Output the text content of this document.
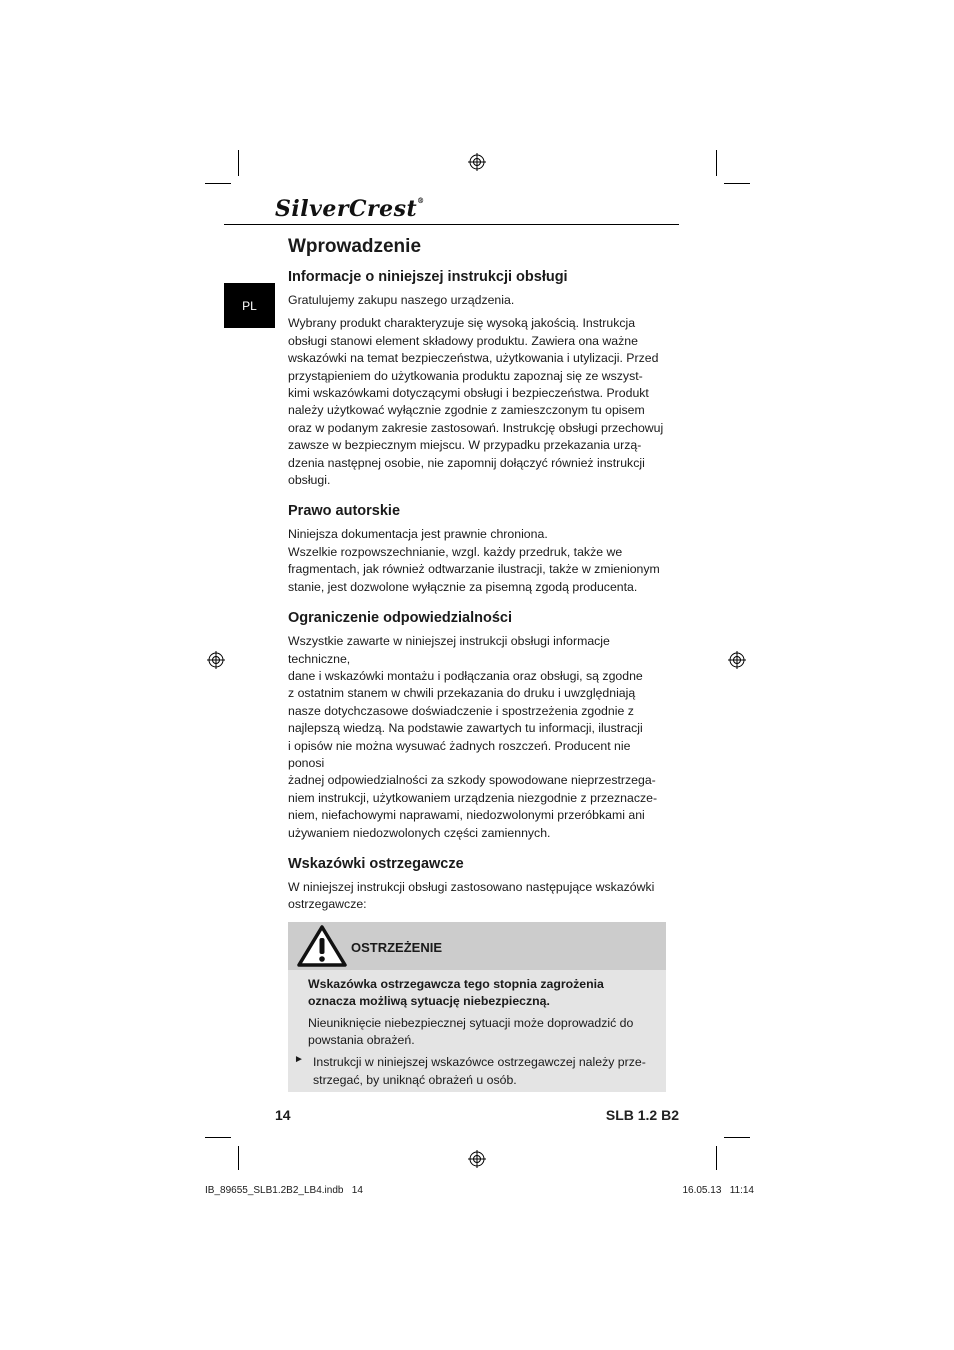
SilverCrest®
PL
Wprowadzenie
Informacje o niniejszej instrukcji obsługi

Gratulujemy zakupu naszego urządzenia.

Wybrany produkt charakteryzuje się wysoką jakością. Instrukcja

obsługi stanowi element składowy produktu. Zawiera ona ważne

wskazówki na temat bezpieczeństwa, użytkowania i utylizacji. Przed

przystąpieniem do użytkowania produktu zapoznaj się ze wszyst-

kimi wskazówkami dotyczącymi obsługi i bezpieczeństwa. Produkt

należy użytkować wyłącznie zgodnie z zamieszczonym tu opisem

oraz w podanym zakresie zastosowań. Instrukcję obsługi przechowuj

zawsze w bezpiecznym miejscu. W przypadku przekazania urzą-

dzenia następnej osobie, nie zapomnij dołączyć również instrukcji

obsługi.

Prawo autorskie

Niniejsza dokumentacja jest prawnie chroniona.

Wszelkie rozpowszechnianie, wzgl. każdy przedruk, także we

fragmentach, jak również odtwarzanie ilustracji, także w zmienionym

stanie, jest dozwolone wyłącznie za pisemną zgodą producenta.

Ograniczenie odpowiedzialności

Wszystkie zawarte w niniejszej instrukcji obsługi informacje techniczne,

dane i wskazówki montażu i podłączania oraz obsługi, są zgodne

z ostatnim stanem w chwili przekazania do druku i uwzględniają

nasze dotychczasowe doświadczenie i spostrzeżenia zgodnie z

najlepszą wiedzą. Na podstawie zawartych tu informacji, ilustracji

i opisów nie można wysuwać żadnych roszczeń. Producent nie ponosi

żadnej odpowiedzialności za szkody spowodowane nieprzestrzega-

niem instrukcji, użytkowaniem urządzenia niezgodnie z przeznacze-

niem, niefachowymi naprawami, niedozwolonymi przeróbkami ani

używaniem niedozwolonych części zamiennych.

Wskazówki ostrzegawcze

W niniejszej instrukcji obsługi zastosowano następujące wskazówki

ostrzegawcze:

OSTRZEŻENIE

Wskazówka ostrzegawcza tego stopnia zagrożenia

oznacza możliwą sytuację niebezpieczną.

Nieuniknięcie niebezpiecznej sytuacji może doprowadzić do

powstania obrażeń.

► Instrukcji w niniejszej wskazówce ostrzegawczej należy prze-

strzegać, by uniknąć obrażeń u osób.

14	SLB 1.2 B2
IB_89655_SLB1.2B2_LB4.indb   14	16.05.13   11:14
